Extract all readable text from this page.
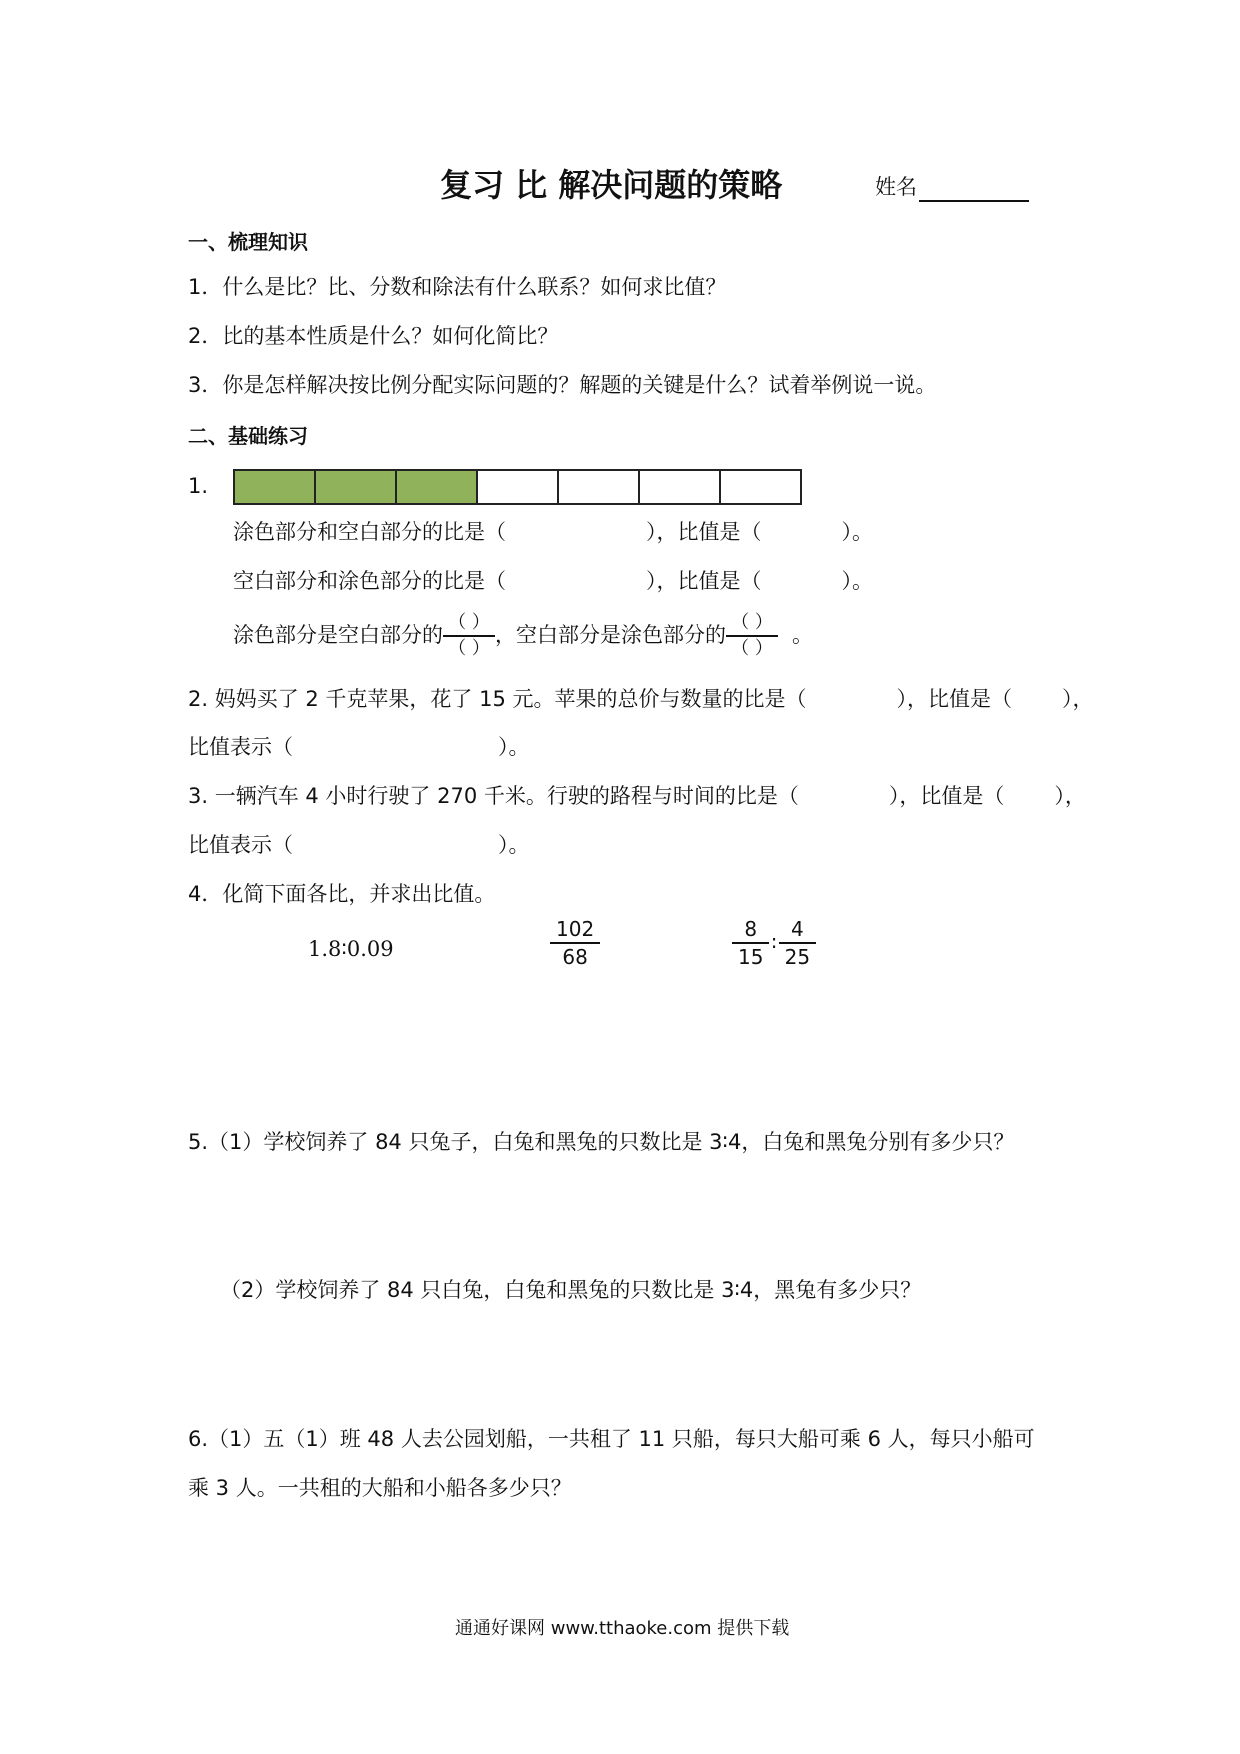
复习 比 解决问题的策略	姓名
一、梳理知识
1．什么是比？比、分数和除法有什么联系？如何求比值？
2．比的基本性质是什么？如何化简比？
3．你是怎样解决按比例分配实际问题的？解题的关键是什么？试着举例说一说。
二、基础练习
1.
涂色部分和空白部分的比是（	），比值是（	）。
空白部分和涂色部分的比是（	），比值是（	）。
涂色部分是空白部分的
（ ）
（ ）
，空白部分是涂色部分的
（ ）
（ ）
。
2. 妈妈买了 2 千克苹果，花了 15 元。苹果的总价与数量的比是（	），比值是（ ），
比值表示（	）。
3. 一辆汽车 4 小时行驶了 270 千米。行驶的路程与时间的比是（	），比值是（ ），
比值表示（	）。
4．化简下面各比，并求出比值。
1.8∶0.09	$\frac{102}{68}$	$\frac{8}{15}$ ∶ $\frac{4}{25}$
5.（1）学校饲养了 84 只兔子，白兔和黑兔的只数比是 3∶4，白兔和黑兔分别有多少只？
（2）学校饲养了 84 只白兔，白兔和黑兔的只数比是 3∶4，黑兔有多少只？
6.（1）五（1）班 48 人去公园划船，一共租了 11 只船，每只大船可乘 6 人，每只小船可
乘 3 人。一共租的大船和小船各多少只？
通通好课网 www.tthaoke.com 提供下载
